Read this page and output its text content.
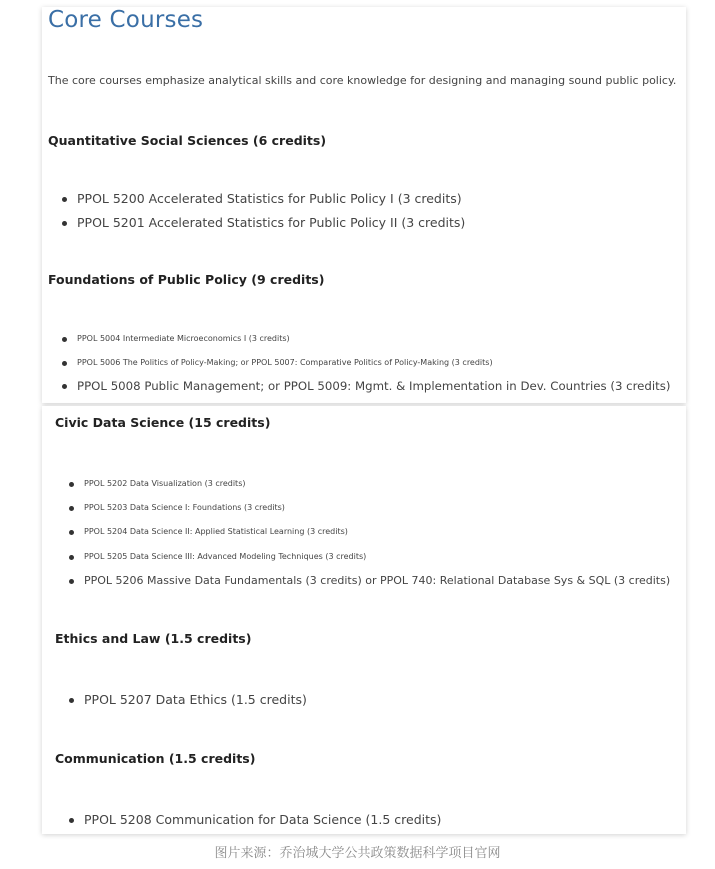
Core Courses

The core courses emphasize analytical skills and core knowledge for designing and managing sound public policy.

Quantitative Social Sciences (6 credits)
PPOL 5200 Accelerated Statistics for Public Policy I (3 credits)
PPOL 5201 Accelerated Statistics for Public Policy II (3 credits)
Foundations of Public Policy (9 credits)
PPOL 5004 Intermediate Microeconomics I (3 credits)
PPOL 5006 The Politics of Policy-Making; or PPOL 5007: Comparative Politics of Policy-Making (3 credits)
PPOL 5008 Public Management; or PPOL 5009: Mgmt. & Implementation in Dev. Countries (3 credits)
Civic Data Science (15 credits)
PPOL 5202 Data Visualization (3 credits)
PPOL 5203 Data Science I: Foundations (3 credits)
PPOL 5204 Data Science II: Applied Statistical Learning (3 credits)
PPOL 5205 Data Science III: Advanced Modeling Techniques (3 credits)
PPOL 5206 Massive Data Fundamentals (3 credits) or PPOL 740: Relational Database Sys & SQL (3 credits)
Ethics and Law (1.5 credits)
PPOL 5207 Data Ethics (1.5 credits)
Communication (1.5 credits)
PPOL 5208 Communication for Data Science (1.5 credits)

图片来源：乔治城大学公共政策数据科学项目官网
